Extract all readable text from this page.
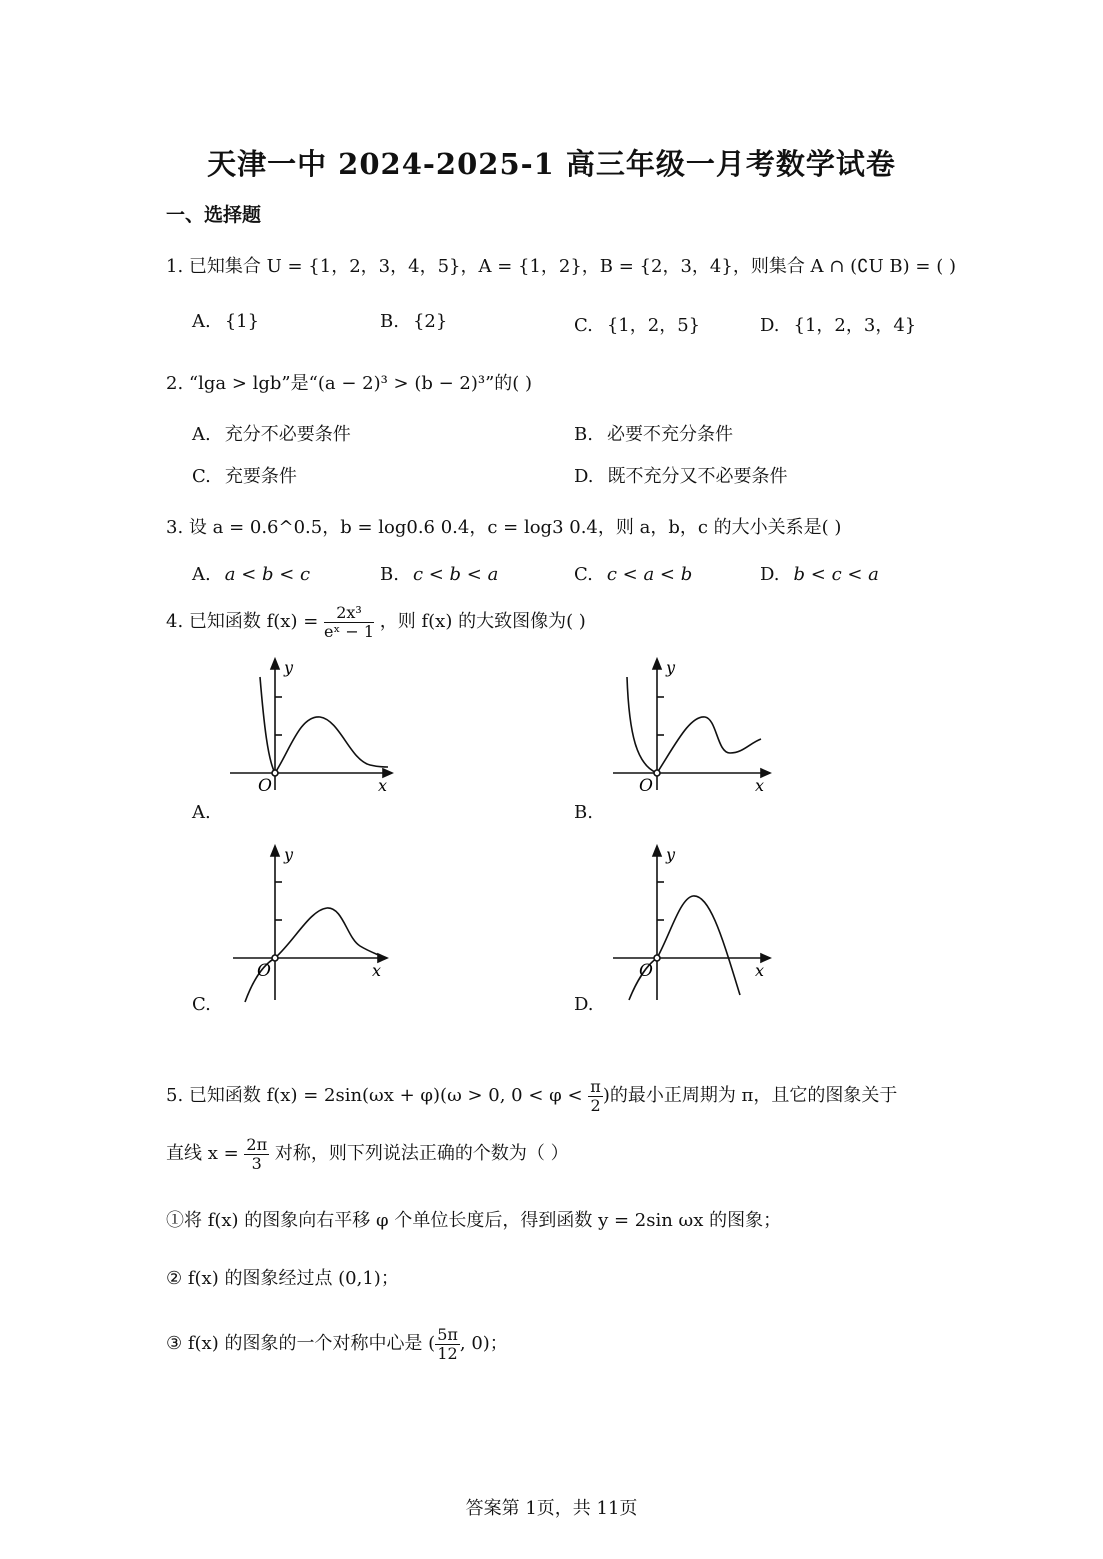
天津一中 2024-2025-1 高三年级一月考数学试卷
一、选择题
1. 已知集合 U = {1，2，3，4，5}，A = {1，2}，B = {2，3，4}，则集合 A ∩ (∁U B) = ( )
A. {1}	B. {2}	C. {1，2，5}	D. {1，2，3，4}
2. “lga > lgb”是“(a − 2)³ > (b − 2)³”的( )
A. 充分不必要条件	B. 必要不充分条件
C. 充要条件	D. 既不充分又不必要条件
3. 设 a = 0.6^0.5，b = log0.6 0.4，c = log3 0.4，则 a，b，c 的大小关系是( )
A. a < b < c	B. c < b < a	C. c < a < b	D. b < c < a
4. 已知函数 $f(x) = \frac{\text{2x³}}{\text{eˣ − 1}}$ ，则 f(x) 的大致图像为( )
O	x
y
A.
O	x
y
B.
O	x
y
C.
O	x
y
D.
5. 已知函数 f(x) = 2sin(ωx + φ)(ω > 0, $0 < \varphi < \frac{\pi}{2}$ )的最小正周期为 π，且它的图象关于
直线 $x = \frac{2\pi}{3}$ 对称，则下列说法正确的个数为（ ）
①将 f(x) 的图象向右平移 φ 个单位长度后，得到函数 y = 2sin ωx 的图象；
② f(x) 的图象经过点 (0,1)；
③ f(x) 的图象的一个对称中心是 ( $\frac{5\pi}{12}$ , 0)；
答案第 1页，共 11页
